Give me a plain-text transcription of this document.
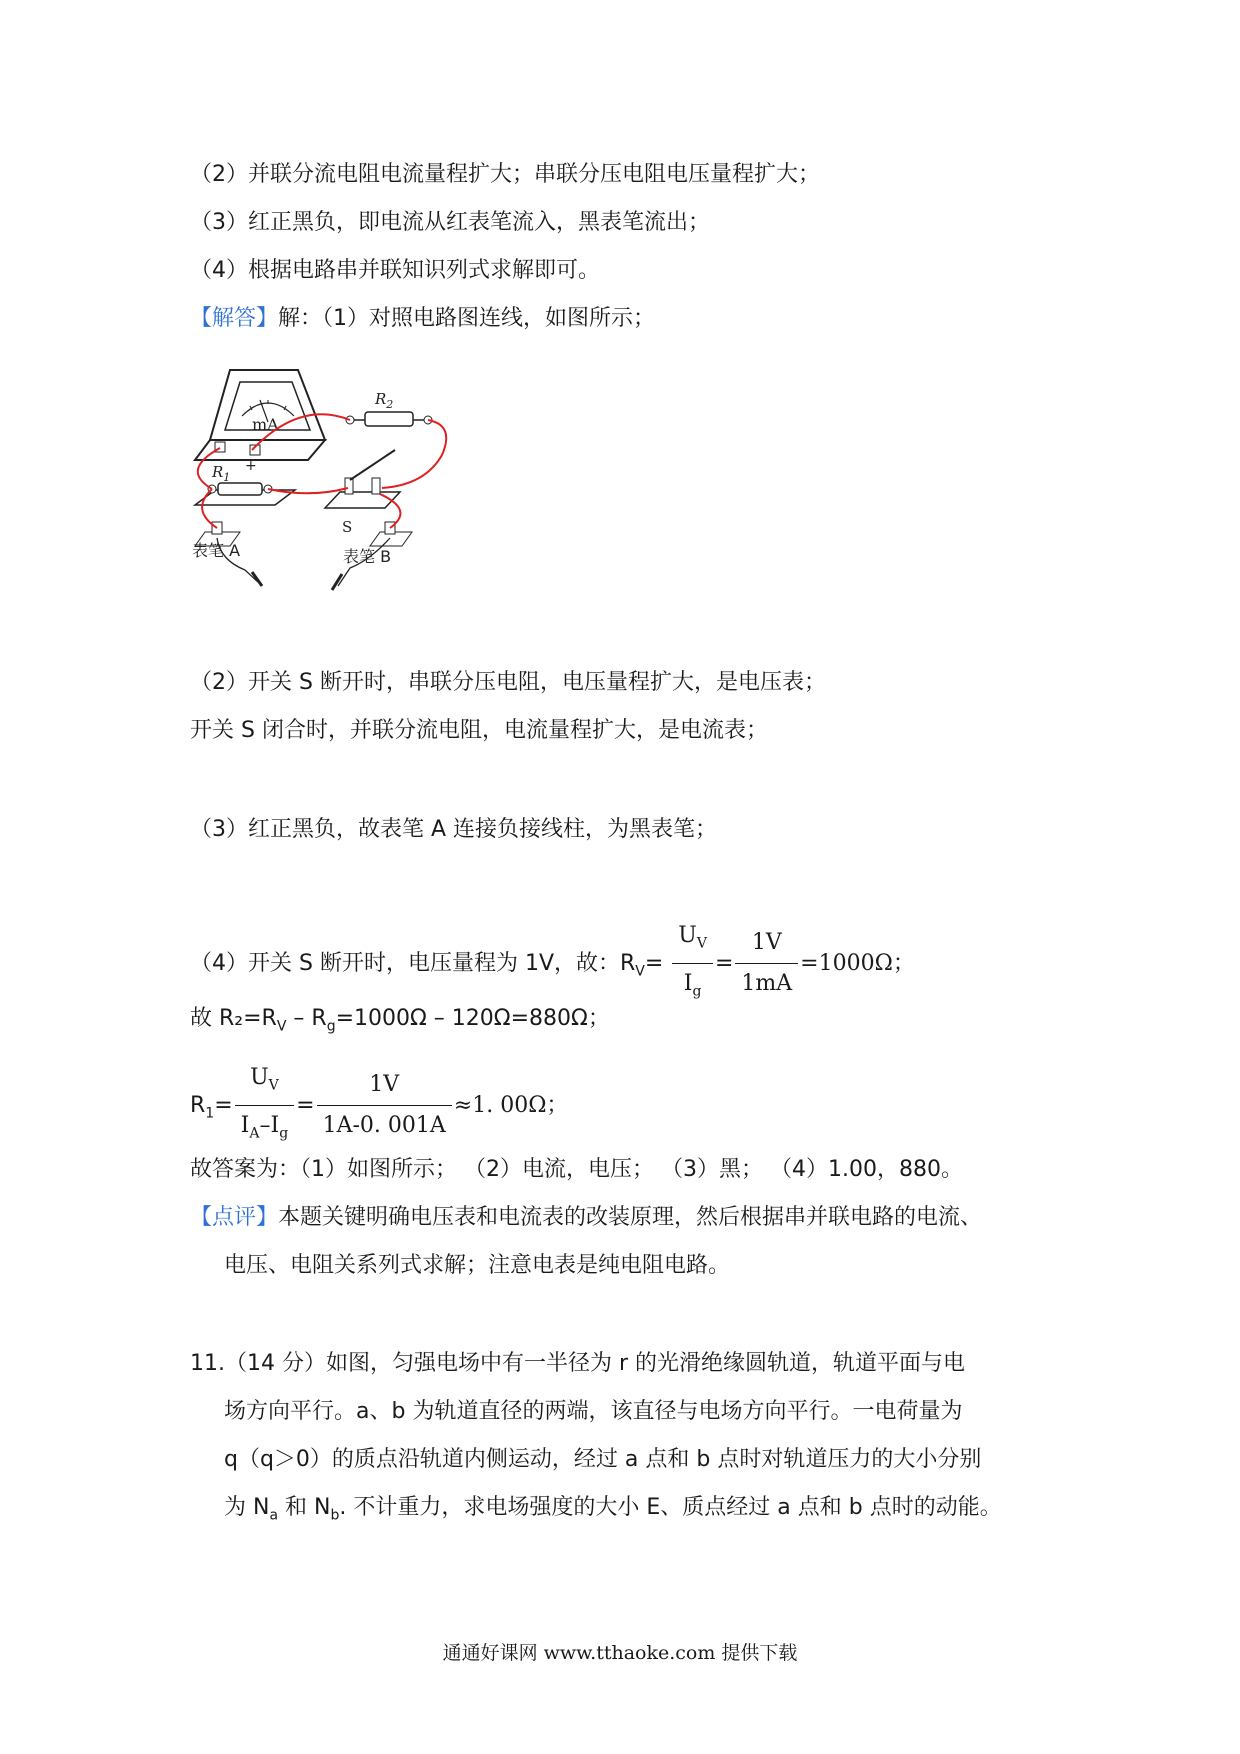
（2）并联分流电阻电流量程扩大；串联分压电阻电压量程扩大；
（3）红正黑负，即电流从红表笔流入，黑表笔流出；
（4）根据电路串并联知识列式求解即可。
【解答】解：（1）对照电路图连线，如图所示；
mA
+
$R_2$
$R_1$
S
表笔 A	表笔 B
（2）开关 S 断开时，串联分压电阻，电压量程扩大，是电压表；
开关 S 闭合时，并联分流电阻，电流量程扩大，是电流表；
（3）红正黑负，故表笔 A 连接负接线柱，为黑表笔；
（4）开关 S 断开时，电压量程为 1V，故：$R_V= \frac{U_V}{I_g} = \frac{1V}{1mA} =1000\Omega$；
故 $R_2=R_V - R_g=1000\Omega - 120\Omega=880\Omega$；
$R_1= \frac{U_V}{I_A-I_g} = \frac{1V}{1A-0. 001A} \approx 1$. 00Ω；
故答案为：（1）如图所示； （2）电流，电压； （3）黑； （4）1.00，880。
【点评】本题关键明确电压表和电流表的改装原理，然后根据串并联电路的电流、
电压、电阻关系列式求解；注意电表是纯电阻电路。
11.（14 分）如图，匀强电场中有一半径为 r 的光滑绝缘圆轨道，轨道平面与电
场方向平行。a、b 为轨道直径的两端，该直径与电场方向平行。一电荷量为
q（q＞0）的质点沿轨道内侧运动，经过 a 点和 b 点时对轨道压力的大小分别
为 $N_a$ 和 $N_b$. 不计重力，求电场强度的大小 E、质点经过 a 点和 b 点时的动能。
通通好课网 www.tthaoke.com 提供下载
